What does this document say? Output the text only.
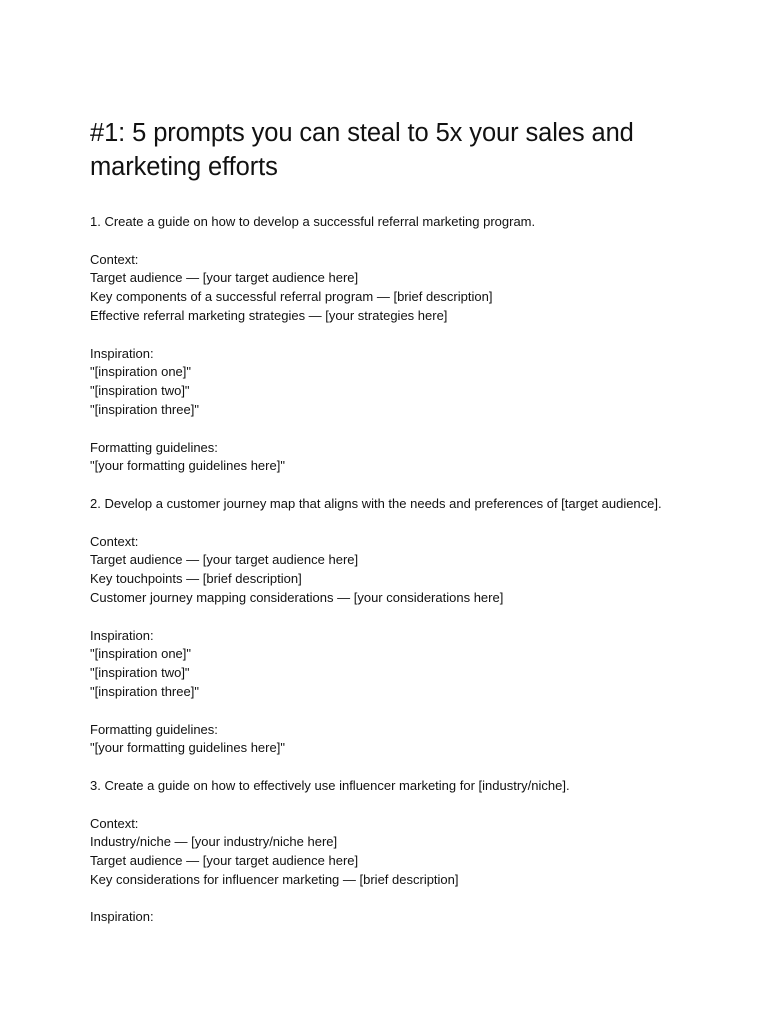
#1: 5 prompts you can steal to 5x your sales and
marketing efforts
1. Create a guide on how to develop a successful referral marketing program.
Context:
Target audience — [your target audience here]
Key components of a successful referral program — [brief description]
Effective referral marketing strategies — [your strategies here]
Inspiration:
"[inspiration one]"
"[inspiration two]"
"[inspiration three]"
Formatting guidelines:
"[your formatting guidelines here]"
2. Develop a customer journey map that aligns with the needs and preferences of [target audience].
Context:
Target audience — [your target audience here]
Key touchpoints — [brief description]
Customer journey mapping considerations — [your considerations here]
Inspiration:
"[inspiration one]"
"[inspiration two]"
"[inspiration three]"
Formatting guidelines:
"[your formatting guidelines here]"
3. Create a guide on how to effectively use influencer marketing for [industry/niche].
Context:
Industry/niche — [your industry/niche here]
Target audience — [your target audience here]
Key considerations for influencer marketing — [brief description]
Inspiration:
